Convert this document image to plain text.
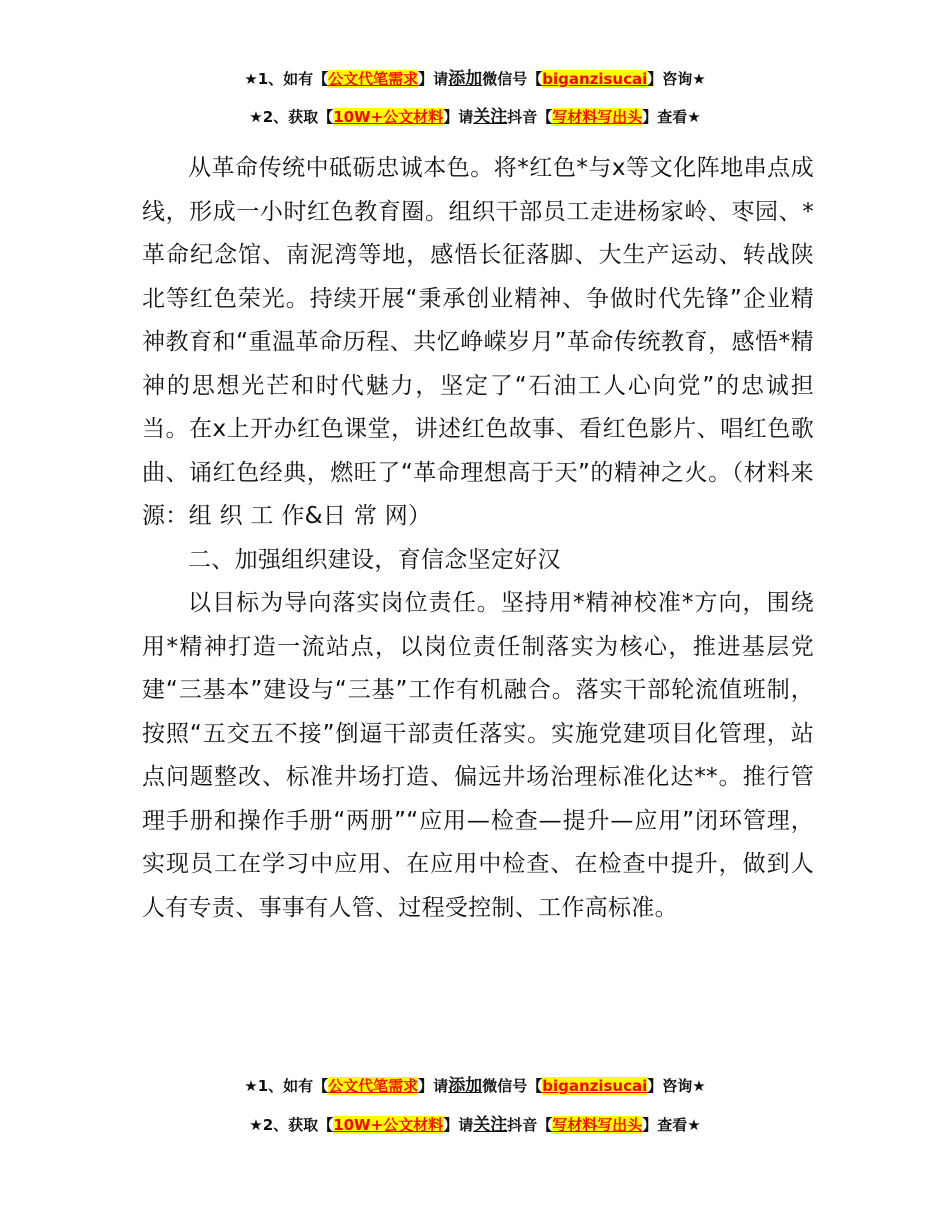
★1、如有【公文代笔需求】请添加微信号【biganzisucai】咨询★
★2、获取【10W+公文材料】请关注抖音【写材料写出头】查看★

从革命传统中砥砺忠诚本色。将*红色*与x等文化阵地串点成线，形成一小时红色教育圈。组织干部员工走进杨家岭、枣园、*革命纪念馆、南泥湾等地，感悟长征落脚、大生产运动、转战陕北等红色荣光。持续开展“秉承创业精神、争做时代先锋”企业精神教育和“重温革命历程、共忆峥嵘岁月”革命传统教育，感悟*精神的思想光芒和时代魅力，坚定了“石油工人心向党”的忠诚担当。在x上开办红色课堂，讲述红色故事、看红色影片、唱红色歌曲、诵红色经典，燃旺了“革命理想高于天”的精神之火。（材料来源：组 织 工 作&日 常 网）

二、加强组织建设，育信念坚定好汉

以目标为导向落实岗位责任。坚持用*精神校准*方向，围绕用*精神打造一流站点，以岗位责任制落实为核心，推进基层党建“三基本”建设与“三基”工作有机融合。落实干部轮流值班制，按照“五交五不接”倒逼干部责任落实。实施党建项目化管理，站点问题整改、标准井场打造、偏远井场治理标准化达**。推行管理手册和操作手册“两册”“应用—检查—提升—应用”闭环管理，实现员工在学习中应用、在应用中检查、在检查中提升，做到人人有专责、事事有人管、过程受控制、工作高标准。

★1、如有【公文代笔需求】请添加微信号【biganzisucai】咨询★
★2、获取【10W+公文材料】请关注抖音【写材料写出头】查看★
